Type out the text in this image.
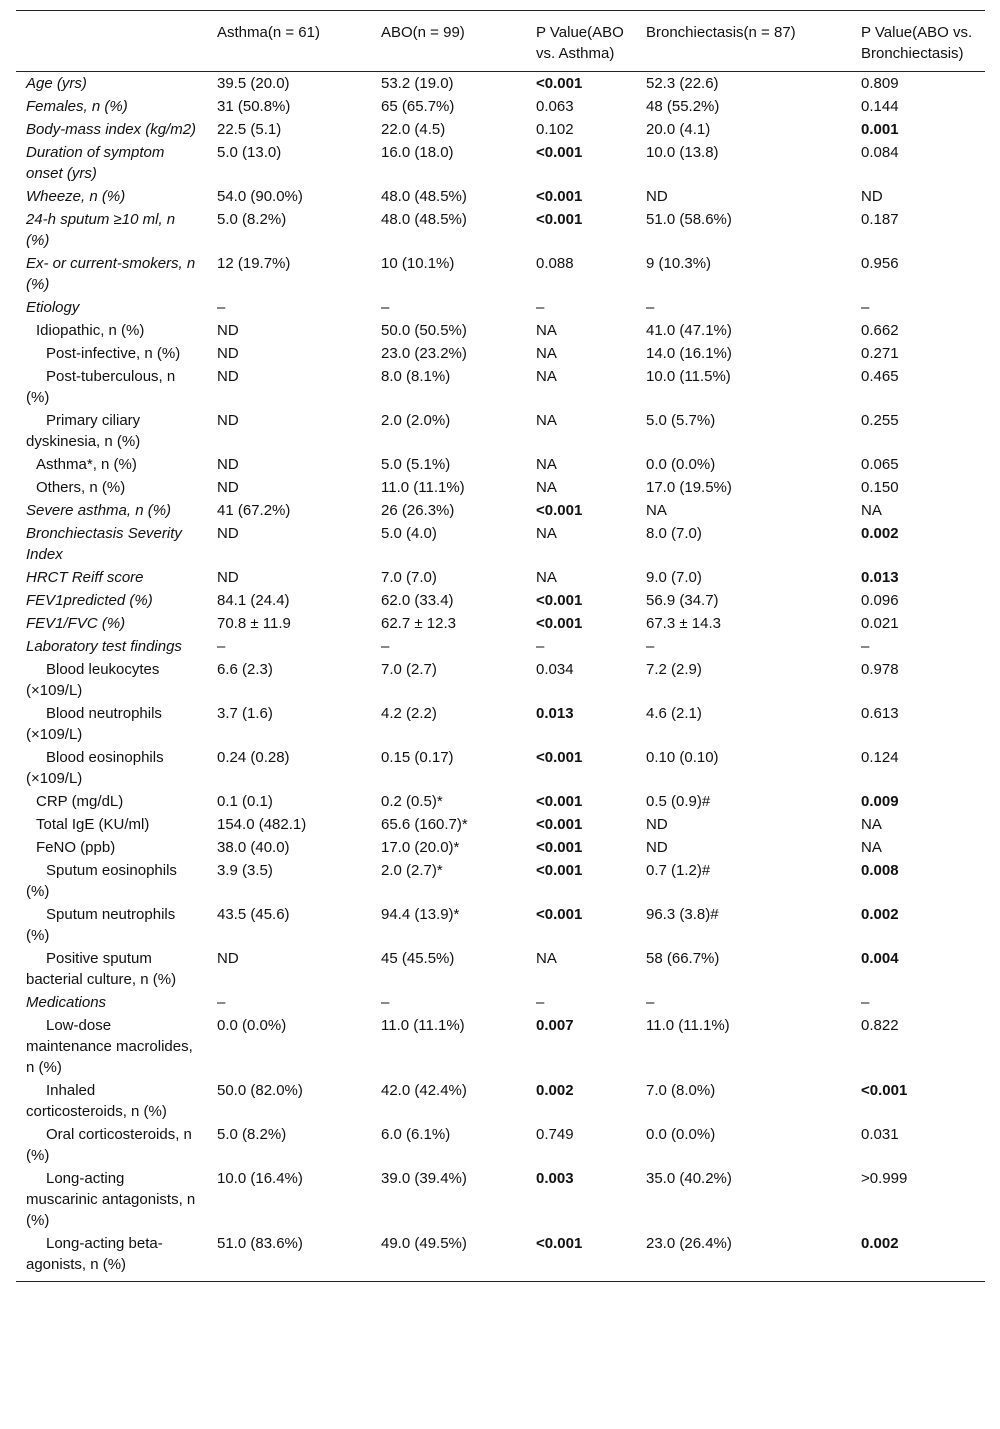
	Asthma(n = 61)	ABO(n = 99)	P Value(ABO vs. Asthma)	Bronchiectasis(n = 87)	P Value(ABO vs. Bronchiectasis)
Age (yrs)	39.5 (20.0)	53.2 (19.0)	<0.001	52.3 (22.6)	0.809
Females, n (%)	31 (50.8%)	65 (65.7%)	0.063	48 (55.2%)	0.144
Body-mass index (kg/m2)	22.5 (5.1)	22.0 (4.5)	0.102	20.0 (4.1)	0.001
Duration of symptom onset (yrs)	5.0 (13.0)	16.0 (18.0)	<0.001	10.0 (13.8)	0.084
Wheeze, n (%)	54.0 (90.0%)	48.0 (48.5%)	<0.001	ND	ND
24-h sputum ≥10 ml, n (%)	5.0 (8.2%)	48.0 (48.5%)	<0.001	51.0 (58.6%)	0.187
Ex- or current-smokers, n (%)	12 (19.7%)	10 (10.1%)	0.088	9 (10.3%)	0.956
Etiology	–	–	–	–	–
Idiopathic, n (%)	ND	50.0 (50.5%)	NA	41.0 (47.1%)	0.662
Post-infective, n (%)	ND	23.0 (23.2%)	NA	14.0 (16.1%)	0.271
Post-tuberculous, n (%)	ND	8.0 (8.1%)	NA	10.0 (11.5%)	0.465
Primary ciliary dyskinesia, n (%)	ND	2.0 (2.0%)	NA	5.0 (5.7%)	0.255
Asthma*, n (%)	ND	5.0 (5.1%)	NA	0.0 (0.0%)	0.065
Others, n (%)	ND	11.0 (11.1%)	NA	17.0 (19.5%)	0.150
Severe asthma, n (%)	41 (67.2%)	26 (26.3%)	<0.001	NA	NA
Bronchiectasis Severity Index	ND	5.0 (4.0)	NA	8.0 (7.0)	0.002
HRCT Reiff score	ND	7.0 (7.0)	NA	9.0 (7.0)	0.013
FEV1predicted (%)	84.1 (24.4)	62.0 (33.4)	<0.001	56.9 (34.7)	0.096
FEV1/FVC (%)	70.8 ± 11.9	62.7 ± 12.3	<0.001	67.3 ± 14.3	0.021
Laboratory test findings	–	–	–	–	–
Blood leukocytes (×109/L)	6.6 (2.3)	7.0 (2.7)	0.034	7.2 (2.9)	0.978
Blood neutrophils (×109/L)	3.7 (1.6)	4.2 (2.2)	0.013	4.6 (2.1)	0.613
Blood eosinophils (×109/L)	0.24 (0.28)	0.15 (0.17)	<0.001	0.10 (0.10)	0.124
CRP (mg/dL)	0.1 (0.1)	0.2 (0.5)*	<0.001	0.5 (0.9)#	0.009
Total IgE (KU/ml)	154.0 (482.1)	65.6 (160.7)*	<0.001	ND	NA
FeNO (ppb)	38.0 (40.0)	17.0 (20.0)*	<0.001	ND	NA
Sputum eosinophils (%)	3.9 (3.5)	2.0 (2.7)*	<0.001	0.7 (1.2)#	0.008
Sputum neutrophils (%)	43.5 (45.6)	94.4 (13.9)*	<0.001	96.3 (3.8)#	0.002
Positive sputum bacterial culture, n (%)	ND	45 (45.5%)	NA	58 (66.7%)	0.004
Medications	–	–	–	–	–
Low-dose maintenance macrolides, n (%)	0.0 (0.0%)	11.0 (11.1%)	0.007	11.0 (11.1%)	0.822
Inhaled corticosteroids, n (%)	50.0 (82.0%)	42.0 (42.4%)	0.002	7.0 (8.0%)	<0.001
Oral corticosteroids, n (%)	5.0 (8.2%)	6.0 (6.1%)	0.749	0.0 (0.0%)	0.031
Long-acting muscarinic antagonists, n (%)	10.0 (16.4%)	39.0 (39.4%)	0.003	35.0 (40.2%)	>0.999
Long-acting beta-agonists, n (%)	51.0 (83.6%)	49.0 (49.5%)	<0.001	23.0 (26.4%)	0.002
